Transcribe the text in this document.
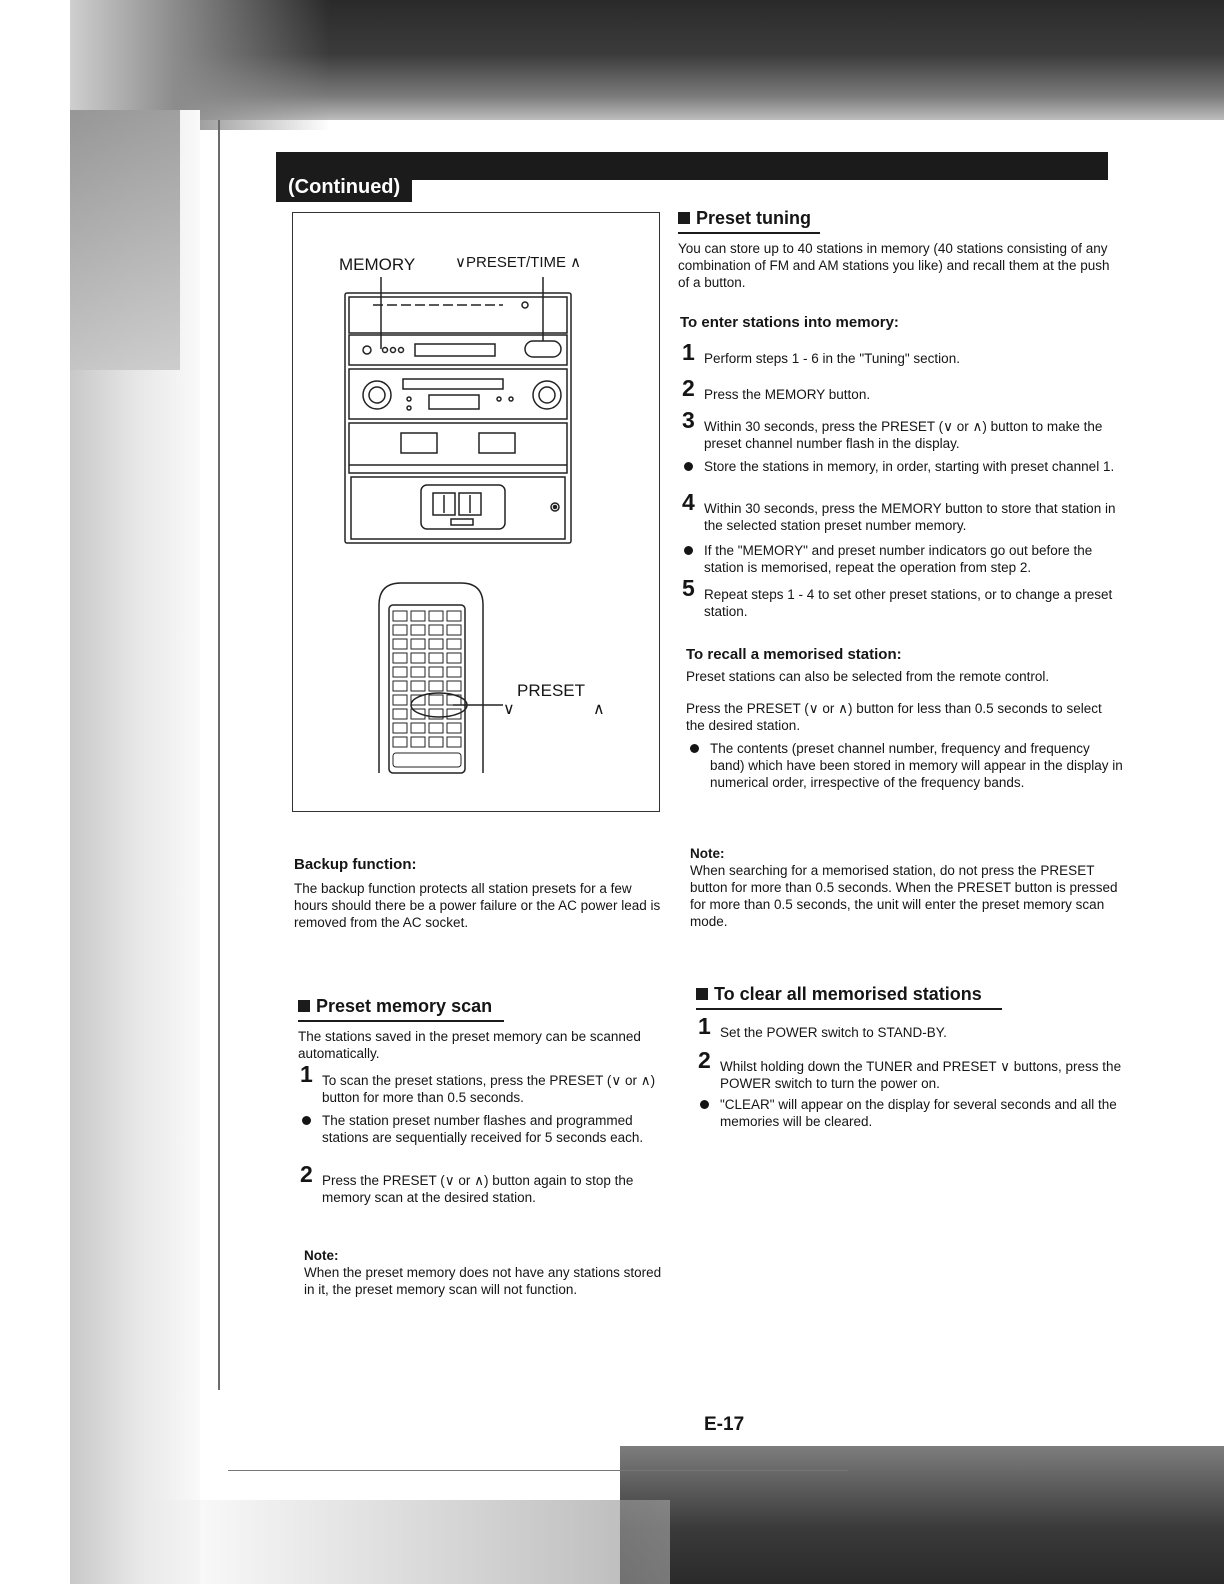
(Continued)
MEMORY	∨PRESET/TIME ∧
PRESET
∨	∧
Backup function:
The backup function protects all station presets for a few hours should there be a power failure or the AC power lead is removed from the AC socket.
Preset memory scan
The stations saved in the preset memory can be scanned automatically.
1 To scan the preset stations, press the PRESET (∨ or ∧) button for more than 0.5 seconds.
The station preset number flashes and programmed stations are sequentially received for 5 seconds each.
2 Press the PRESET (∨ or ∧) button again to stop the memory scan at the desired station.
Note:
When the preset memory does not have any stations stored in it, the preset memory scan will not function.
Preset tuning
You can store up to 40 stations in memory (40 stations consisting of any combination of FM and AM stations you like) and recall them at the push of a button.
To enter stations into memory:
1 Perform steps 1 - 6 in the "Tuning" section.
2 Press the MEMORY button.
3 Within 30 seconds, press the PRESET (∨ or ∧) button to make the preset channel number flash in the display.
Store the stations in memory, in order, starting with preset channel 1.
4 Within 30 seconds, press the MEMORY button to store that station in the selected station preset number memory.
If the "MEMORY" and preset number indicators go out before the station is memorised, repeat the operation from step 2.
5 Repeat steps 1 - 4 to set other preset stations, or to change a preset station.
To recall a memorised station:
Preset stations can also be selected from the remote control.
Press the PRESET (∨ or ∧) button for less than 0.5 seconds to select the desired station.
The contents (preset channel number, frequency and frequency band) which have been stored in memory will appear in the display in numerical order, irrespective of the frequency bands.
Note:
When searching for a memorised station, do not press the PRESET button for more than 0.5 seconds. When the PRESET button is pressed for more than 0.5 seconds, the unit will enter the preset memory scan mode.
To clear all memorised stations
1 Set the POWER switch to STAND-BY.
2 Whilst holding down the TUNER and PRESET ∨ buttons, press the POWER switch to turn the power on.
"CLEAR" will appear on the display for several seconds and all the memories will be cleared.
E-17
